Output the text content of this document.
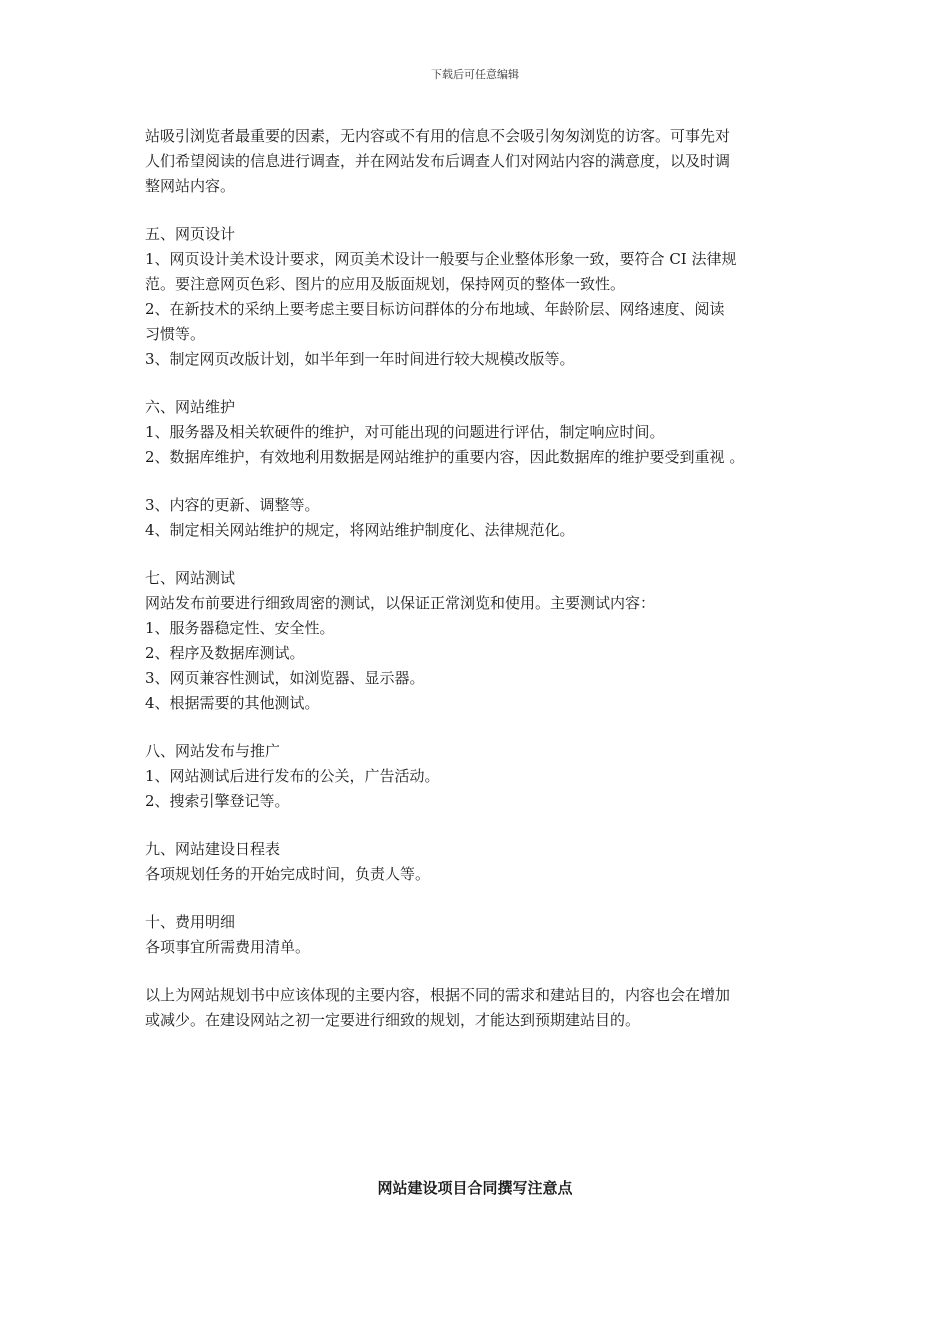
下载后可任意编辑

站吸引浏览者最重要的因素，无内容或不有用的信息不会吸引匆匆浏览的访客。可事先对

人们希望阅读的信息进行调查，并在网站发布后调查人们对网站内容的满意度，以及时调

整网站内容。

五、网页设计

1、网页设计美术设计要求，网页美术设计一般要与企业整体形象一致，要符合 CI 法律规

范。要注意网页色彩、图片的应用及版面规划，保持网页的整体一致性。

2、在新技术的采纳上要考虑主要目标访问群体的分布地域、年龄阶层、网络速度、阅读

习惯等。

3、制定网页改版计划，如半年到一年时间进行较大规模改版等。

六、网站维护

1、服务器及相关软硬件的维护，对可能出现的问题进行评估，制定响应时间。

2、数据库维护，有效地利用数据是网站维护的重要内容，因此数据库的维护要受到重视 。

3、内容的更新、调整等。

4、制定相关网站维护的规定，将网站维护制度化、法律规范化。

七、网站测试

网站发布前要进行细致周密的测试，以保证正常浏览和使用。主要测试内容：

1、服务器稳定性、安全性。

2、程序及数据库测试。

3、网页兼容性测试，如浏览器、显示器。

4、根据需要的其他测试。

八、网站发布与推广

1、网站测试后进行发布的公关，广告活动。

2、搜索引擎登记等。

九、网站建设日程表

各项规划任务的开始完成时间，负责人等。

十、费用明细

各项事宜所需费用清单。

以上为网站规划书中应该体现的主要内容，根据不同的需求和建站目的，内容也会在增加

或减少。在建设网站之初一定要进行细致的规划，才能达到预期建站目的。

网站建设项目合同撰写注意点
